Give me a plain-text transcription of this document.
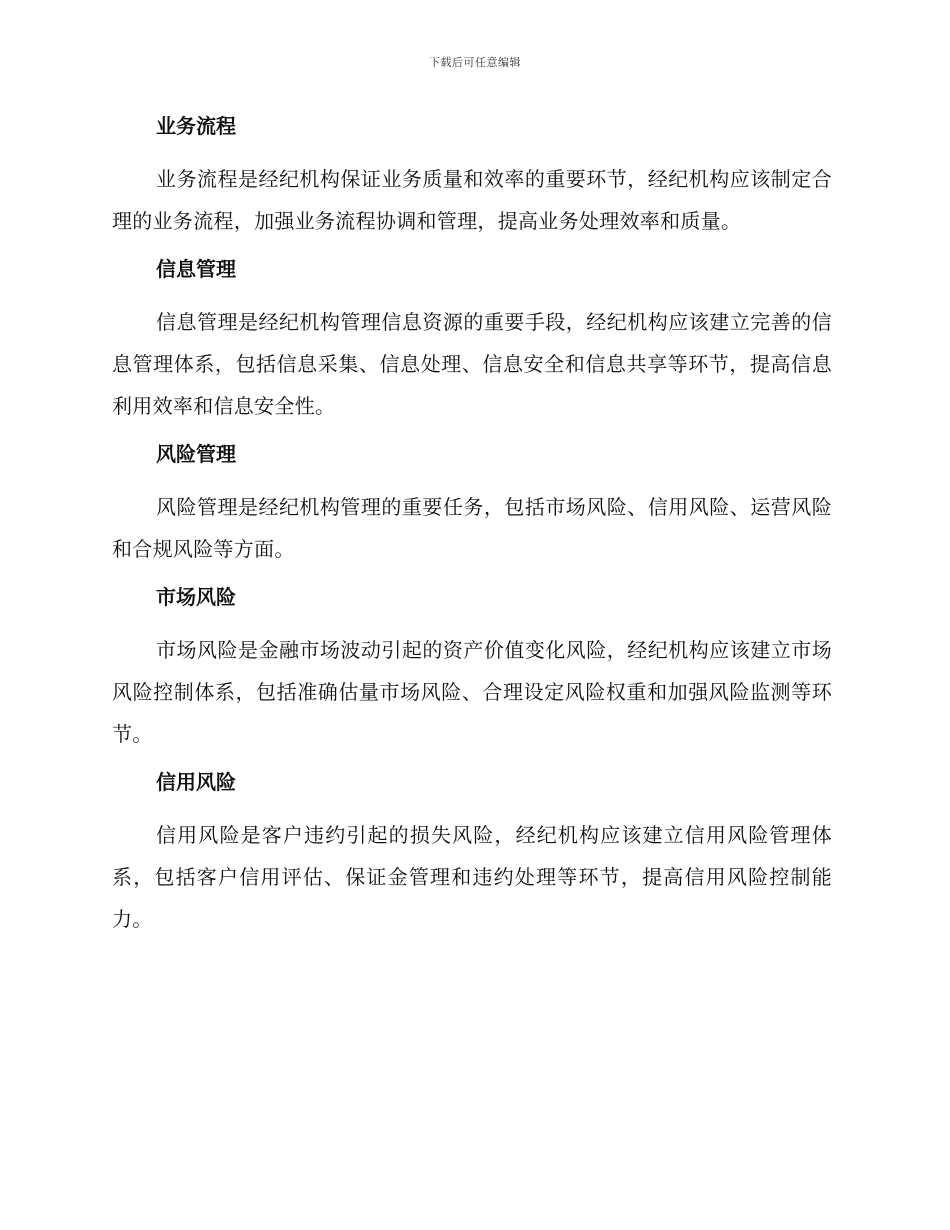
下载后可任意编辑
业务流程
业务流程是经纪机构保证业务质量和效率的重要环节，经纪机构应该制定合理的业务流程，加强业务流程协调和管理，提高业务处理效率和质量。
信息管理
信息管理是经纪机构管理信息资源的重要手段，经纪机构应该建立完善的信息管理体系，包括信息采集、信息处理、信息安全和信息共享等环节，提高信息利用效率和信息安全性。
风险管理
风险管理是经纪机构管理的重要任务，包括市场风险、信用风险、运营风险和合规风险等方面。
市场风险
市场风险是金融市场波动引起的资产价值变化风险，经纪机构应该建立市场风险控制体系，包括准确估量市场风险、合理设定风险权重和加强风险监测等环节。
信用风险
信用风险是客户违约引起的损失风险，经纪机构应该建立信用风险管理体系，包括客户信用评估、保证金管理和违约处理等环节，提高信用风险控制能力。
